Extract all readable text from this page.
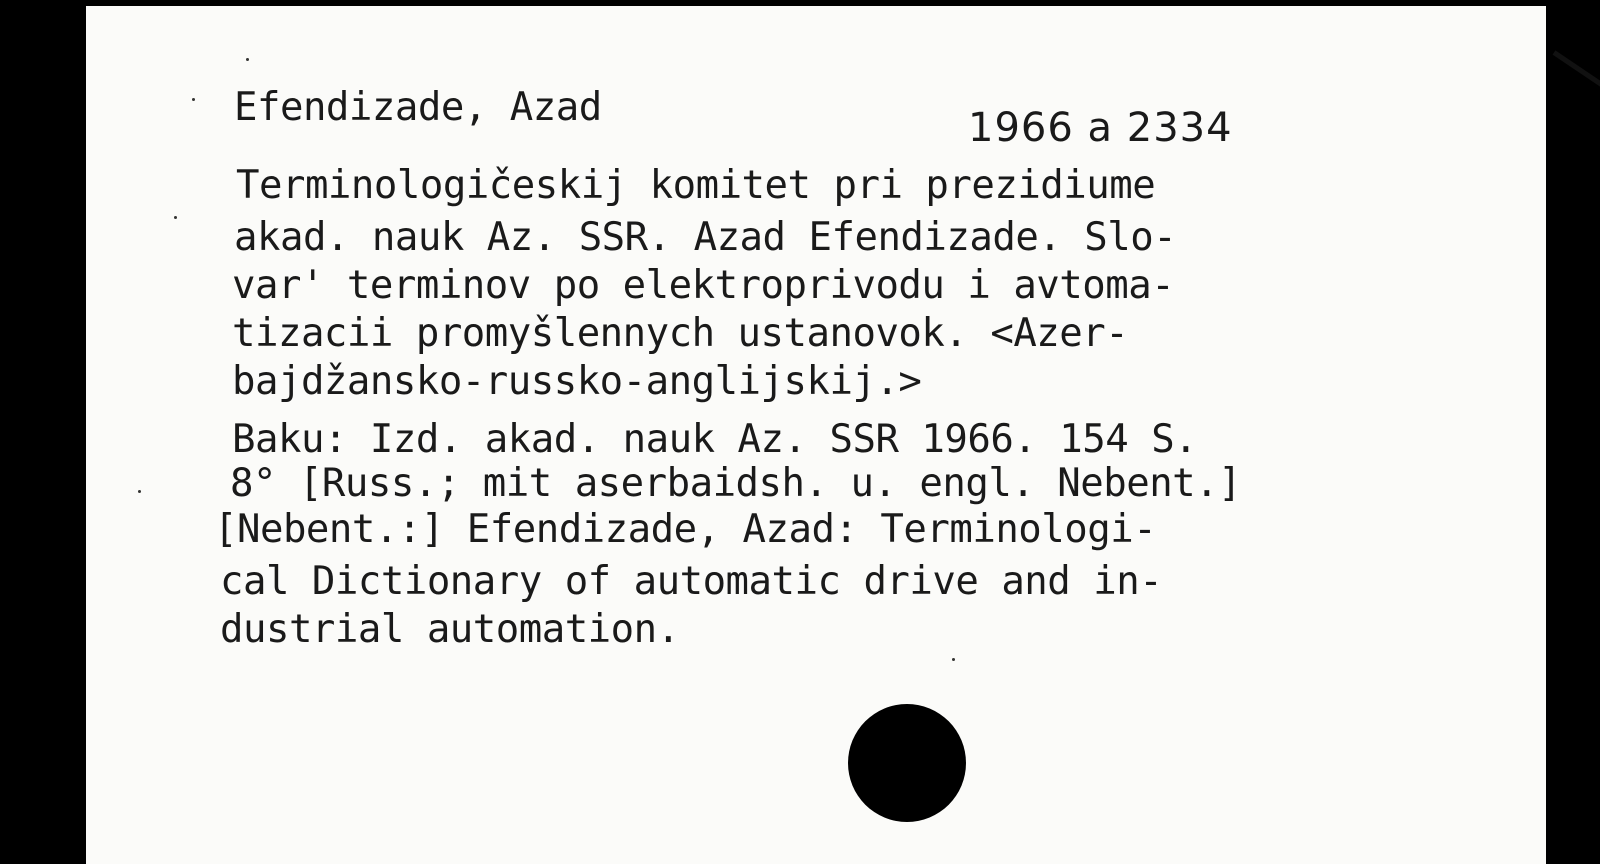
Efendizade, Azad	1966 a 2334
Terminologičeskij komitet pri prezidiume
akad. nauk Az. SSR. Azad Efendizade. Slo-
var' terminov po elektroprivodu i avtoma-
tizacii promyšlennych ustanovok. <Azer-
bajdžansko-russko-anglijskij.>
Baku: Izd. akad. nauk Az. SSR 1966. 154 S.
8° [Russ.; mit aserbaidsh. u. engl. Nebent.]
[Nebent.:] Efendizade, Azad: Terminologi-
cal Dictionary of automatic drive and in-
dustrial automation.
